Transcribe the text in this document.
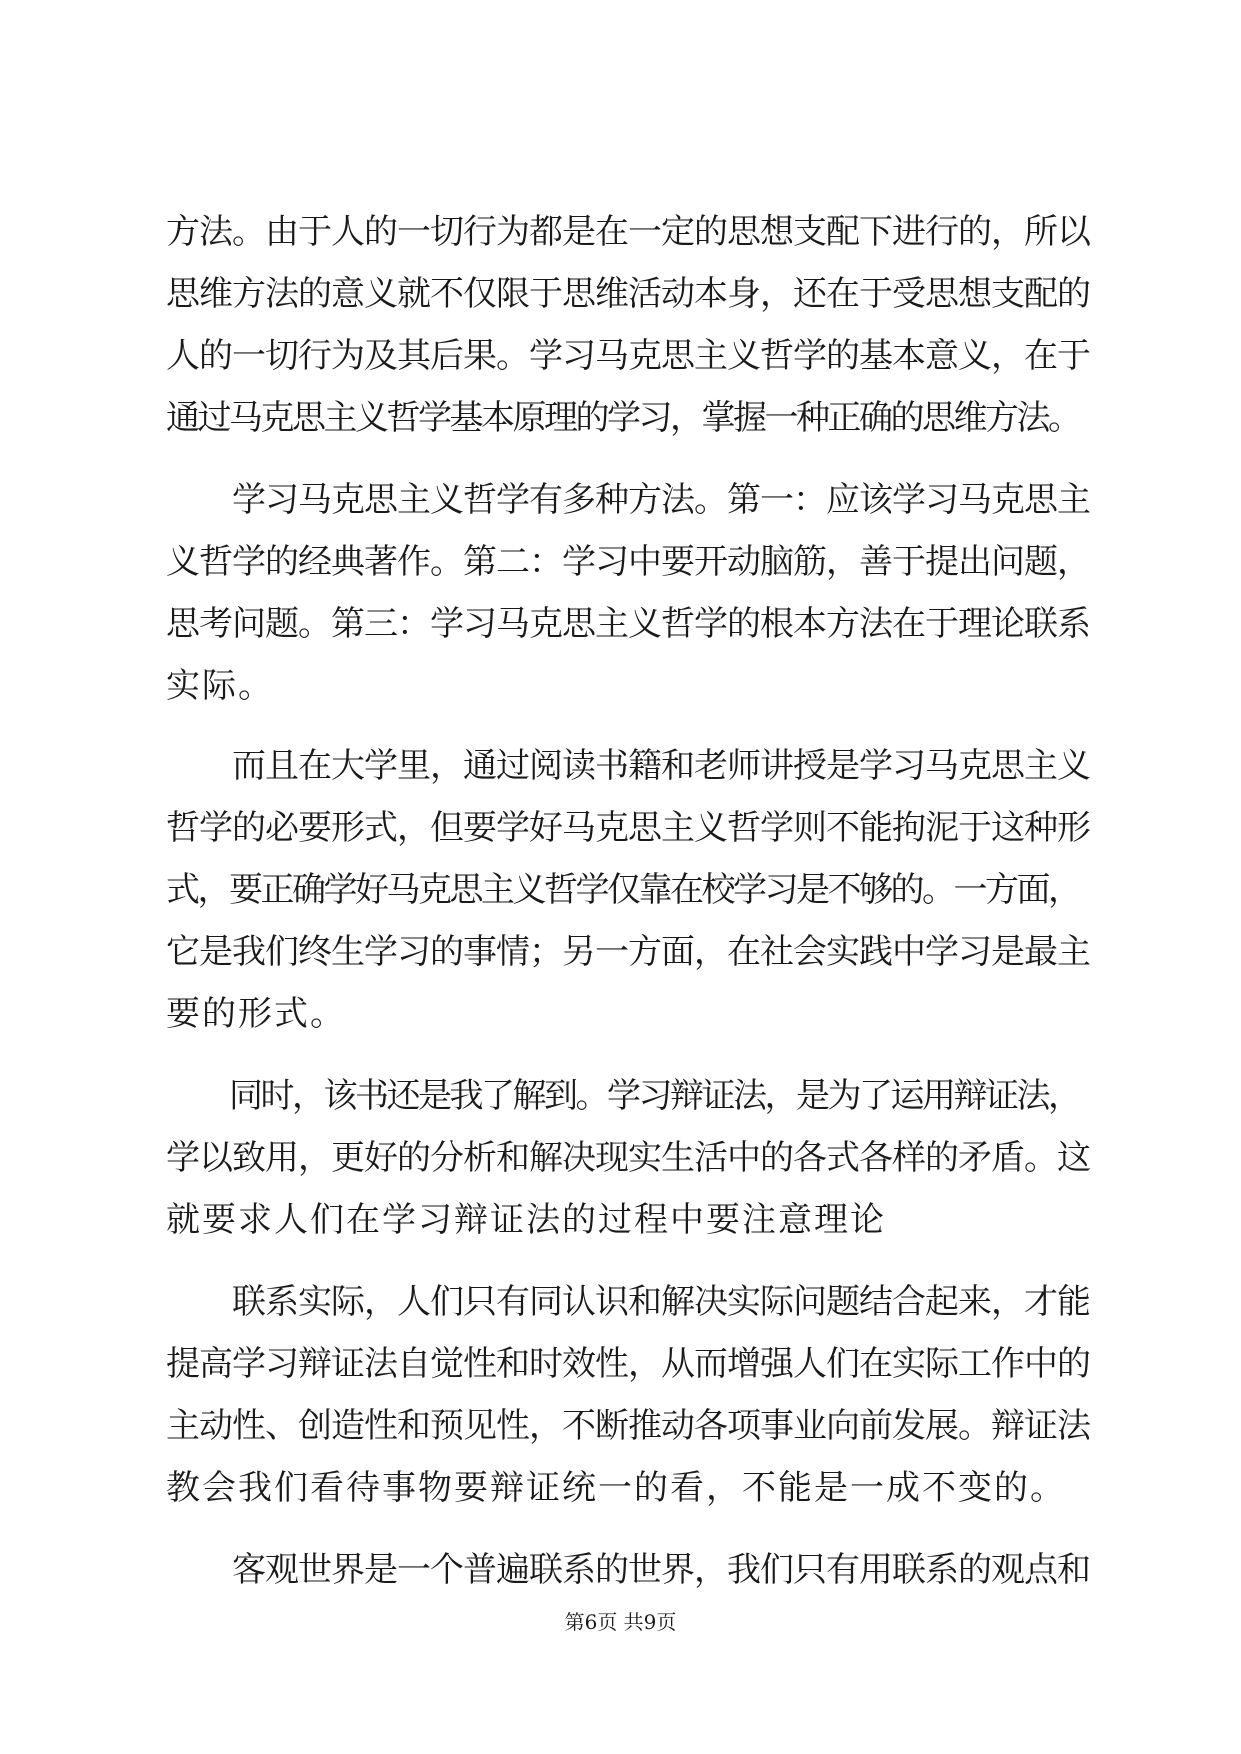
方法。由于人的一切行为都是在一定的思想支配下进行的，所以
思维方法的意义就不仅限于思维活动本身，还在于受思想支配的
人的一切行为及其后果。学习马克思主义哲学的基本意义，在于
通过马克思主义哲学基本原理的学习，掌握一种正确的思维方法。
　　学习马克思主义哲学有多种方法。第一：应该学习马克思主
义哲学的经典著作。第二：学习中要开动脑筋，善于提出问题，
思考问题。第三：学习马克思主义哲学的根本方法在于理论联系
实际。
　　而且在大学里，通过阅读书籍和老师讲授是学习马克思主义
哲学的必要形式，但要学好马克思主义哲学则不能拘泥于这种形
式，要正确学好马克思主义哲学仅靠在校学习是不够的。一方面，
它是我们终生学习的事情；另一方面，在社会实践中学习是最主
要的形式。
　　同时，该书还是我了解到。学习辩证法，是为了运用辩证法，
学以致用，更好的分析和解决现实生活中的各式各样的矛盾。这
就要求人们在学习辩证法的过程中要注意理论
　　联系实际，人们只有同认识和解决实际问题结合起来，才能
提高学习辩证法自觉性和时效性，从而增强人们在实际工作中的
主动性、创造性和预见性，不断推动各项事业向前发展。辩证法
教会我们看待事物要辩证统一的看，不能是一成不变的。
　　客观世界是一个普遍联系的世界，我们只有用联系的观点和
第6页 共9页
